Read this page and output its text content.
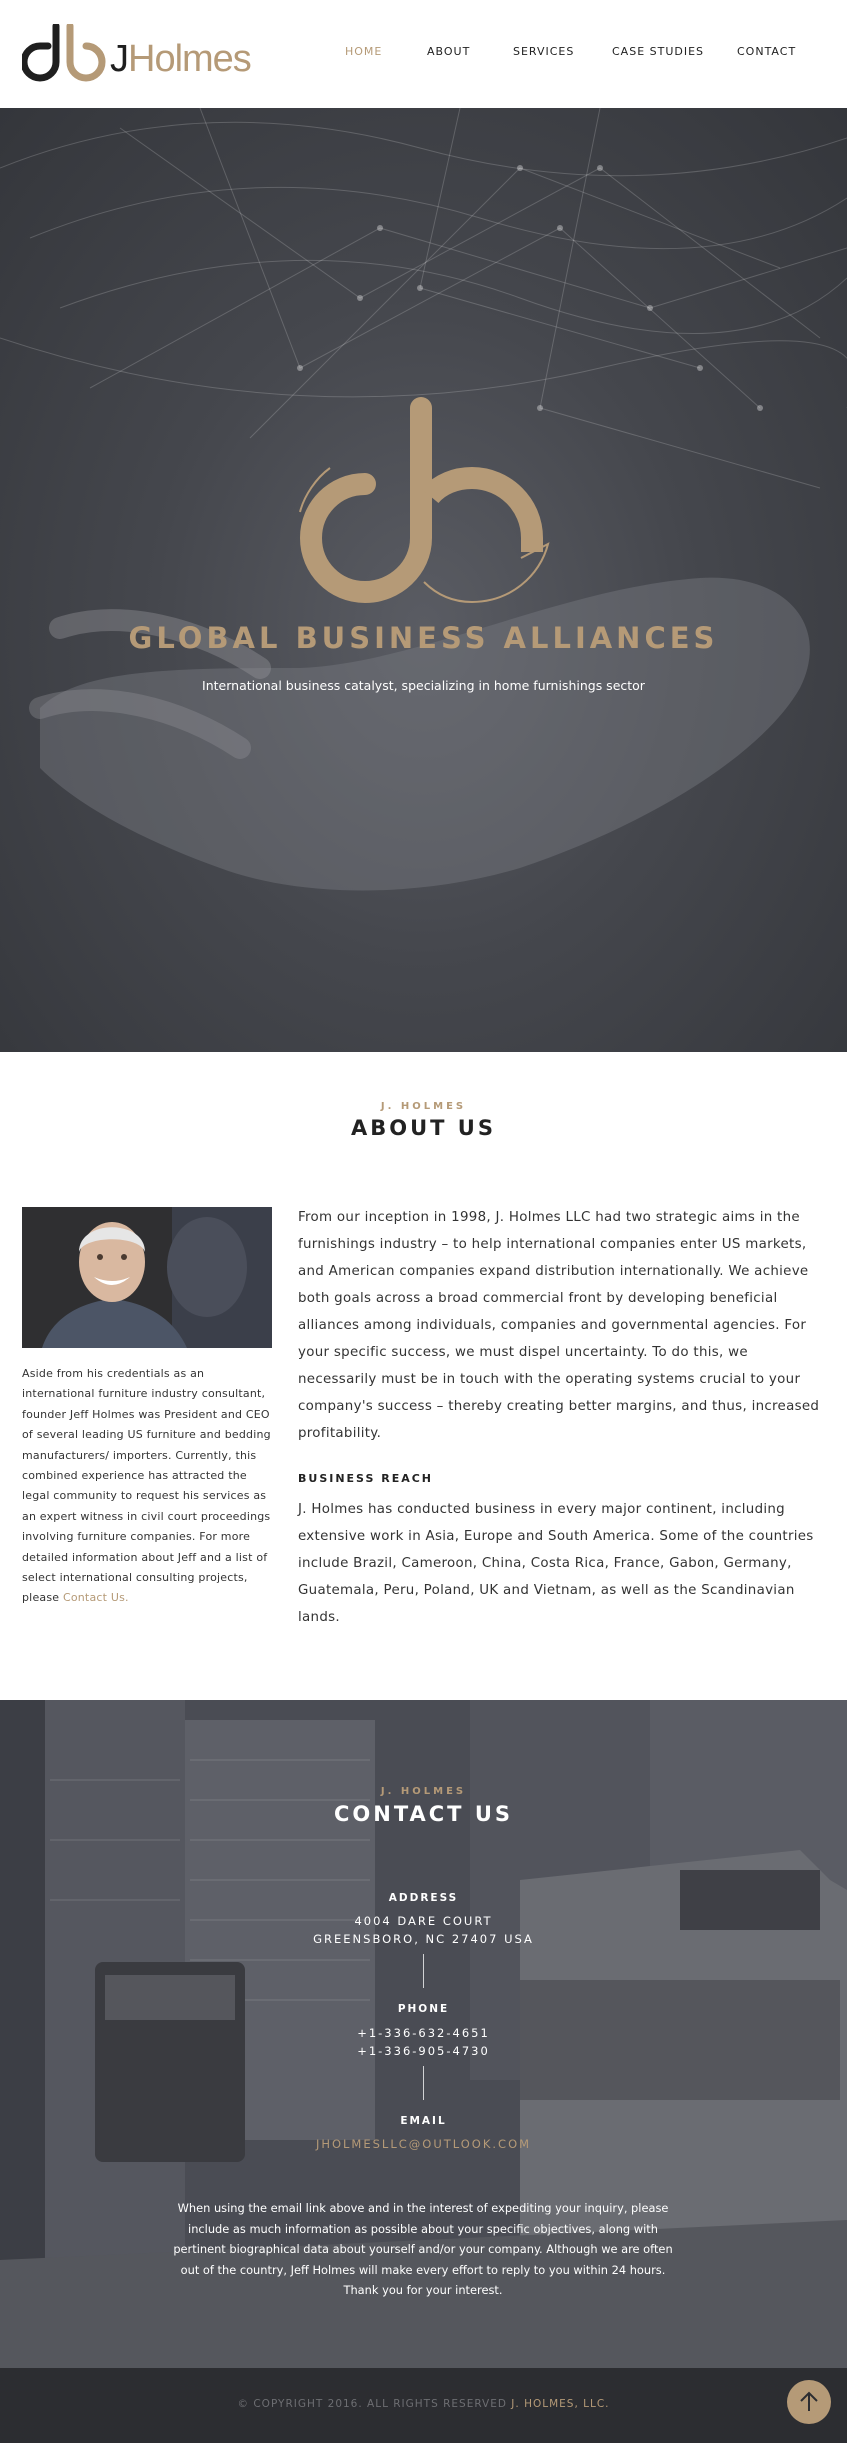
JHolmes	HOME	ABOUT	SERVICES	CASE STUDIES	CONTACT
GLOBAL BUSINESS ALLIANCES
International business catalyst, specializing in home furnishings sector
J. HOLMES
ABOUT US

Aside from his credentials as an international furniture industry consultant, founder Jeff Holmes was President and CEO of several leading US furniture and bedding manufacturers/ importers. Currently, this combined experience has attracted the legal community to request his services as an expert witness in civil court proceedings involving furniture companies. For more detailed information about Jeff and a list of select international consulting projects, please Contact Us.

From our inception in 1998, J. Holmes LLC had two strategic aims in the furnishings industry – to help international companies enter US markets, and American companies expand distribution internationally. We achieve both goals across a broad commercial front by developing beneficial alliances among individuals, companies and governmental agencies. For your specific success, we must dispel uncertainty. To do this, we necessarily must be in touch with the operating systems crucial to your company's success – thereby creating better margins, and thus, increased profitability.

BUSINESS REACH

J. Holmes has conducted business in every major continent, including extensive work in Asia, Europe and South America. Some of the countries include Brazil, Cameroon, China, Costa Rica, France, Gabon, Germany, Guatemala, Peru, Poland, UK and Vietnam, as well as the Scandinavian lands.

J. HOLMES
CONTACT US
ADDRESS
4004 DARE COURT
GREENSBORO, NC 27407 USA
PHONE
+1-336-632-4651
+1-336-905-4730
EMAIL
JHOLMESLLC@OUTLOOK.COM

When using the email link above and in the interest of expediting your inquiry, please include as much information as possible about your specific objectives, along with pertinent biographical data about yourself and/or your company. Although we are often out of the country, Jeff Holmes will make every effort to reply to you within 24 hours. Thank you for your interest.

© COPYRIGHT 2016. ALL RIGHTS RESERVED J. HOLMES, LLC.
